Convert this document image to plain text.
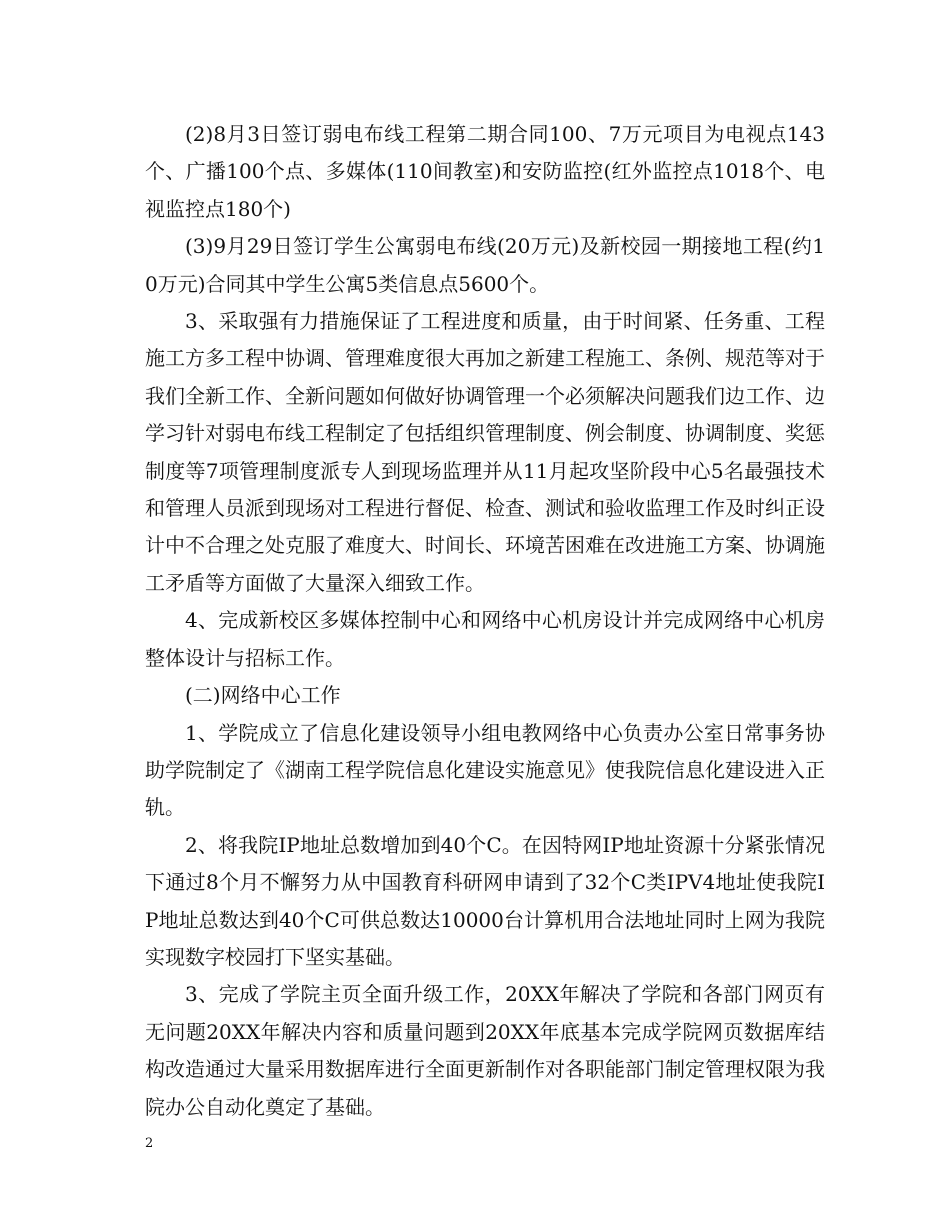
(2)8月3日签订弱电布线工程第二期合同100、7万元项目为电视点143个、广播100个点、多媒体(110间教室)和安防监控(红外监控点1018个、电视监控点180个)

(3)9月29日签订学生公寓弱电布线(20万元)及新校园一期接地工程(约10万元)合同其中学生公寓5类信息点5600个。

3、采取强有力措施保证了工程进度和质量，由于时间紧、任务重、工程施工方多工程中协调、管理难度很大再加之新建工程施工、条例、规范等对于我们全新工作、全新问题如何做好协调管理一个必须解决问题我们边工作、边学习针对弱电布线工程制定了包括组织管理制度、例会制度、协调制度、奖惩制度等7项管理制度派专人到现场监理并从11月起攻坚阶段中心5名最强技术和管理人员派到现场对工程进行督促、检查、测试和验收监理工作及时纠正设计中不合理之处克服了难度大、时间长、环境苦困难在改进施工方案、协调施工矛盾等方面做了大量深入细致工作。

4、完成新校区多媒体控制中心和网络中心机房设计并完成网络中心机房整体设计与招标工作。

(二)网络中心工作

1、学院成立了信息化建设领导小组电教网络中心负责办公室日常事务协助学院制定了《湖南工程学院信息化建设实施意见》使我院信息化建设进入正轨。

2、将我院IP地址总数增加到40个C。在因特网IP地址资源十分紧张情况下通过8个月不懈努力从中国教育科研网申请到了32个C类IPV4地址使我院IP地址总数达到40个C可供总数达10000台计算机用合法地址同时上网为我院实现数字校园打下坚实基础。

3、完成了学院主页全面升级工作，20XX年解决了学院和各部门网页有无问题20XX年解决内容和质量问题到20XX年底基本完成学院网页数据库结构改造通过大量采用数据库进行全面更新制作对各职能部门制定管理权限为我院办公自动化奠定了基础。

2
